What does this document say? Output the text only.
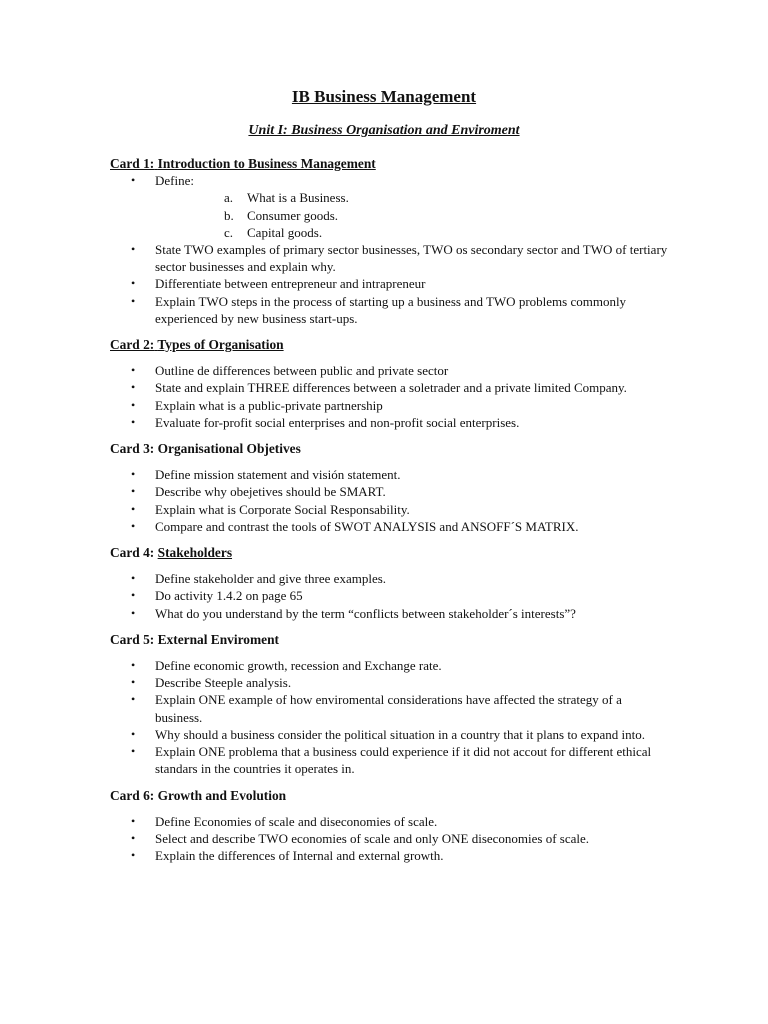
IB Business Management
Unit I: Business Organisation and Enviroment

Card 1: Introduction to Business Management

• Define:
a. What is a Business.
b. Consumer goods.
c. Capital goods.
• State TWO examples of primary sector businesses, TWO os secondary sector and TWO of tertiary sector businesses and explain why.
• Differentiate between entrepreneur and intrapreneur
• Explain TWO steps in the process of starting up a business and TWO problems commonly experienced by new business start-ups.

Card 2: Types of Organisation

• Outline de differences between public and private sector
• State and explain THREE differences between a soletrader and a private limited Company.
• Explain what is a public-private partnership
• Evaluate for-profit social enterprises and non-profit social enterprises.

Card 3: Organisational Objetives

• Define mission statement and visión statement.
• Describe why obejetives should be SMART.
• Explain what is Corporate Social Responsability.
• Compare and contrast the tools of SWOT ANALYSIS and ANSOFF´S MATRIX.

Card 4: Stakeholders

• Define stakeholder and give three examples.
• Do activity 1.4.2 on page 65
• What do you understand by the term “conflicts between stakeholder´s interests”?

Card 5: External Enviroment

• Define economic growth, recession and Exchange rate.
• Describe Steeple analysis.
• Explain ONE example of how enviromental considerations have affected the strategy of a business.
• Why should a business consider the political situation in a country that it plans to expand into.
• Explain ONE problema that a business could experience if it did not accout for different ethical standars in the countries it operates in.

Card 6: Growth and Evolution

• Define Economies of scale and diseconomies of scale.
• Select and describe TWO economies of scale and only ONE diseconomies of scale.
• Explain the differences of Internal and external growth.
